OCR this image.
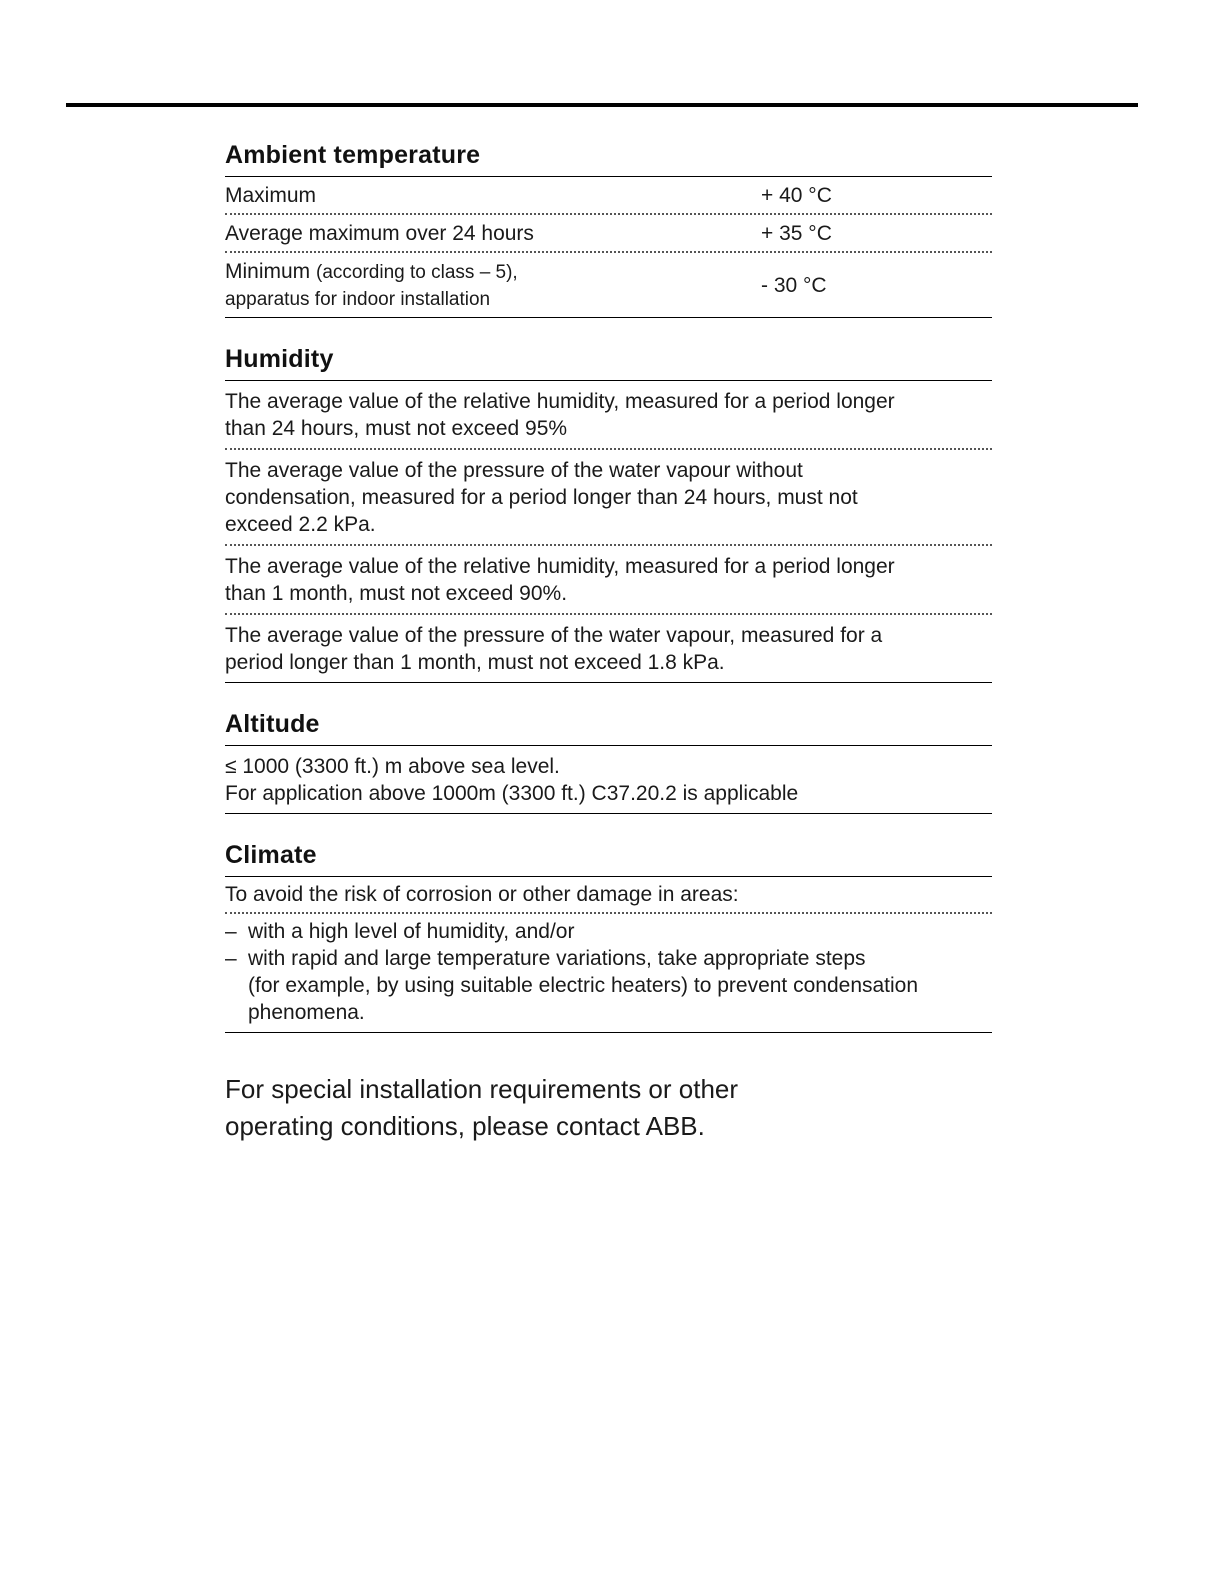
Ambient temperature
Maximum	+ 40 °C
Average maximum over 24 hours	+ 35 °C
Minimum (according to class – 5),
apparatus for indoor installation
- 30 °C
Humidity
The average value of the relative humidity, measured for a period longer
than 24 hours, must not exceed 95%
The average value of the pressure of the water vapour without
condensation, measured for a period longer than 24 hours, must not
exceed 2.2 kPa.
The average value of the relative humidity, measured for a period longer
than 1 month, must not exceed 90%.
The average value of the pressure of the water vapour, measured for a
period longer than 1 month, must not exceed 1.8 kPa.
Altitude
≤ 1000 (3300 ft.) m above sea level.
For application above 1000m (3300 ft.) C37.20.2 is applicable
Climate
To avoid the risk of corrosion or other damage in areas:
– with a high level of humidity, and/or
– with rapid and large temperature variations, take appropriate steps
(for example, by using suitable electric heaters) to prevent condensation
phenomena.
For special installation requirements or other
operating conditions, please contact ABB.
